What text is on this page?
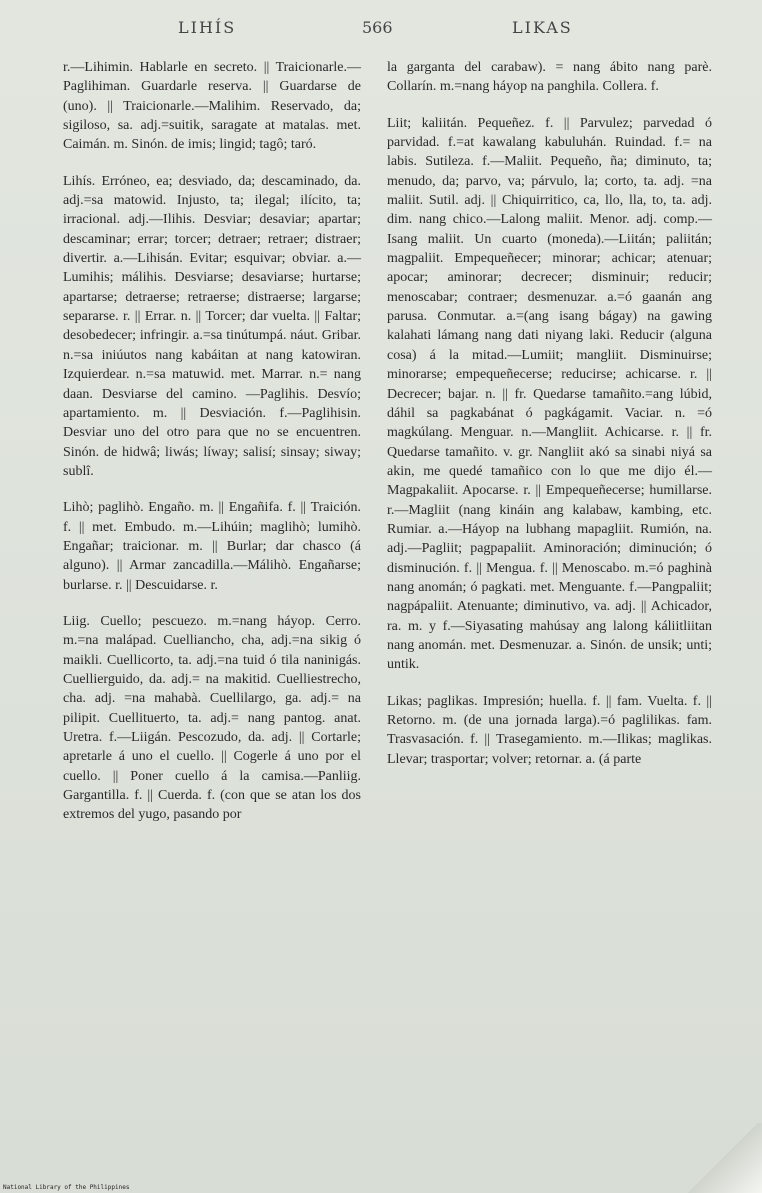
LIHÍS	566	LIKAS

r.—Lihimin. Hablarle en secreto. || Traicionarle.—Paglihiman. Guardarle reserva. || Guardarse de (uno). || Traicionarle.—Malihim. Reservado, da; sigiloso, sa. adj.=suitik, saragate at matalas. met. Caimán. m. Sinón. de imis; lingid; tagô; taró.

Lihís. Erróneo, ea; desviado, da; descaminado, da. adj.=sa matowid. Injusto, ta; ilegal; ilícito, ta; irracional. adj.—Ilihis. Desviar; desaviar; apartar; descaminar; errar; torcer; detraer; retraer; distraer; divertir. a.—Lihisán. Evitar; esquivar; obviar. a.—Lumihis; málihis. Desviarse; desaviarse; hurtarse; apartarse; detraerse; retraerse; distraerse; largarse; separarse. r. || Errar. n. || Torcer; dar vuelta. || Faltar; desobedecer; infringir. a.=sa tinútumpá. náut. Gribar. n.=sa iniúutos nang kabáitan at nang katowiran. Izquierdear. n.=sa matuwid. met. Marrar. n.= nang daan. Desviarse del camino. —Paglihis. Desvío; apartamiento. m. || Desviación. f.—Paglihisin. Desviar uno del otro para que no se encuentren. Sinón. de hidwâ; liwás; líway; salisí; sinsay; siway; sublî.

Lihò; paglihò. Engaño. m. || Engañifa. f. || Traición. f. || met. Embudo. m.—Lihúin; maglihò; lumihò. Engañar; traicionar. m. || Burlar; dar chasco (á alguno). || Armar zancadilla.—Málihò. Engañarse; burlarse. r. || Descuidarse. r.

Liig. Cuello; pescuezo. m.=nang háyop. Cerro. m.=na malápad. Cuelliancho, cha, adj.=na sikig ó maikli. Cuellicorto, ta. adj.=na tuid ó tila naninigás. Cuellierguido, da. adj.= na makitid. Cuelliestrecho, cha. adj. =na mahabà. Cuellilargo, ga. adj.= na pilipit. Cuellituerto, ta. adj.= nang pantog. anat. Uretra. f.—Liigán. Pescozudo, da. adj. || Cortarle; apretarle á uno el cuello. || Cogerle á uno por el cuello. || Poner cuello á la camisa.—Panliig. Gargantilla. f. || Cuerda. f. (con que se atan los dos extremos del yugo, pasando por

la garganta del carabaw). = nang ábito nang parè. Collarín. m.=nang háyop na panghila. Collera. f.

Liit; kaliitán. Pequeñez. f. || Parvulez; parvedad ó parvidad. f.=at kawalang kabuluhán. Ruindad. f.= na labis. Sutileza. f.—Maliit. Pequeño, ña; diminuto, ta; menudo, da; parvo, va; párvulo, la; corto, ta. adj. =na maliit. Sutil. adj. || Chiquirritico, ca, llo, lla, to, ta. adj. dim. nang chico.—Lalong maliit. Menor. adj. comp.—Isang maliit. Un cuarto (moneda).—Liitán; paliitán; magpaliit. Empequeñecer; minorar; achicar; atenuar; apocar; aminorar; decrecer; disminuir; reducir; menoscabar; contraer; desmenuzar. a.=ó gaanán ang parusa. Conmutar. a.=(ang isang bágay) na gawing kalahati lámang nang dati niyang laki. Reducir (alguna cosa) á la mitad.—Lumiit; mangliit. Disminuirse; minorarse; empequeñecerse; reducirse; achicarse. r. || Decrecer; bajar. n. || fr. Quedarse tamañito.=ang lúbid, dáhil sa pagkabánat ó pagkágamit. Vaciar. n. =ó magkúlang. Menguar. n.—Mangliit. Achicarse. r. || fr. Quedarse tamañito. v. gr. Nangliit akó sa sinabi niyá sa akin, me quedé tamañico con lo que me dijo él.—Magpakaliit. Apocarse. r. || Empequeñecerse; humillarse. r.—Magliit (nang kináin ang kalabaw, kambing, etc. Rumiar. a.—Háyop na lubhang mapagliit. Rumión, na. adj.—Pagliit; pagpapaliit. Aminoración; diminución; ó disminución. f. || Mengua. f. || Menoscabo. m.=ó paghinà nang anomán; ó pagkati. met. Menguante. f.—Pangpaliit; nagpápaliit. Atenuante; diminutivo, va. adj. || Achicador, ra. m. y f.—Siyasating mahúsay ang lalong káliitliitan nang anomán. met. Desmenuzar. a. Sinón. de unsik; unti; untik.

Likas; paglikas. Impresión; huella. f. || fam. Vuelta. f. || Retorno. m. (de una jornada larga).=ó paglilikas. fam. Trasvasación. f. || Trasegamiento. m.—Ilikas; maglikas. Llevar; trasportar; volver; retornar. a. (á parte

National Library of the Philippines
